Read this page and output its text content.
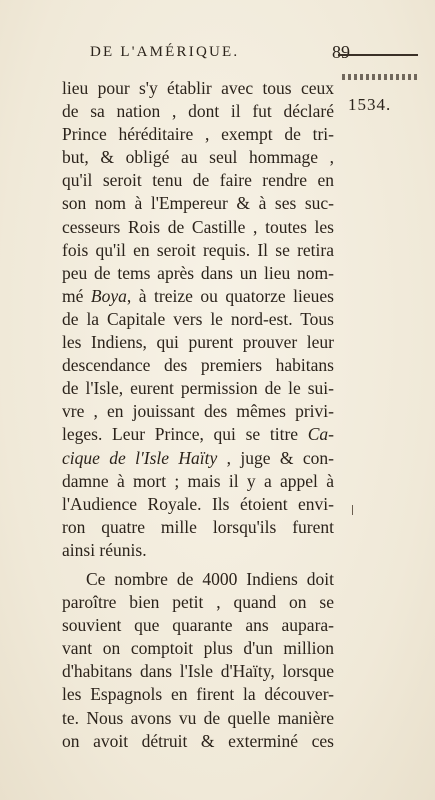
DE L'AMÉRIQUE.	89
1534.
lieu pour s'y établir avec tous ceux
de sa nation , dont il fut déclaré
Prince héréditaire , exempt de tri-
but, & obligé au seul hommage ,
qu'il seroit tenu de faire rendre en
son nom à l'Empereur & à ses suc-
cesseurs Rois de Castille , toutes les
fois qu'il en seroit requis. Il se retira
peu de tems après dans un lieu nom-
mé Boya, à treize ou quatorze lieues
de la Capitale vers le nord-est. Tous
les Indiens, qui purent prouver leur
descendance des premiers habitans
de l'Isle, eurent permission de le sui-
vre , en jouissant des mêmes privi-
leges. Leur Prince, qui se titre Ca-
cique de l'Isle Haïty , juge & con-
damne à mort ; mais il y a appel à
l'Audience Royale. Ils étoient envi-
ron quatre mille lorsqu'ils furent
ainsi réunis.
Ce nombre de 4000 Indiens doit
paroître bien petit , quand on se
souvient que quarante ans aupara-
vant on comptoit plus d'un million
d'habitans dans l'Isle d'Haïty, lorsque
les Espagnols en firent la découver-
te. Nous avons vu de quelle manière
on avoit détruit & exterminé ces
